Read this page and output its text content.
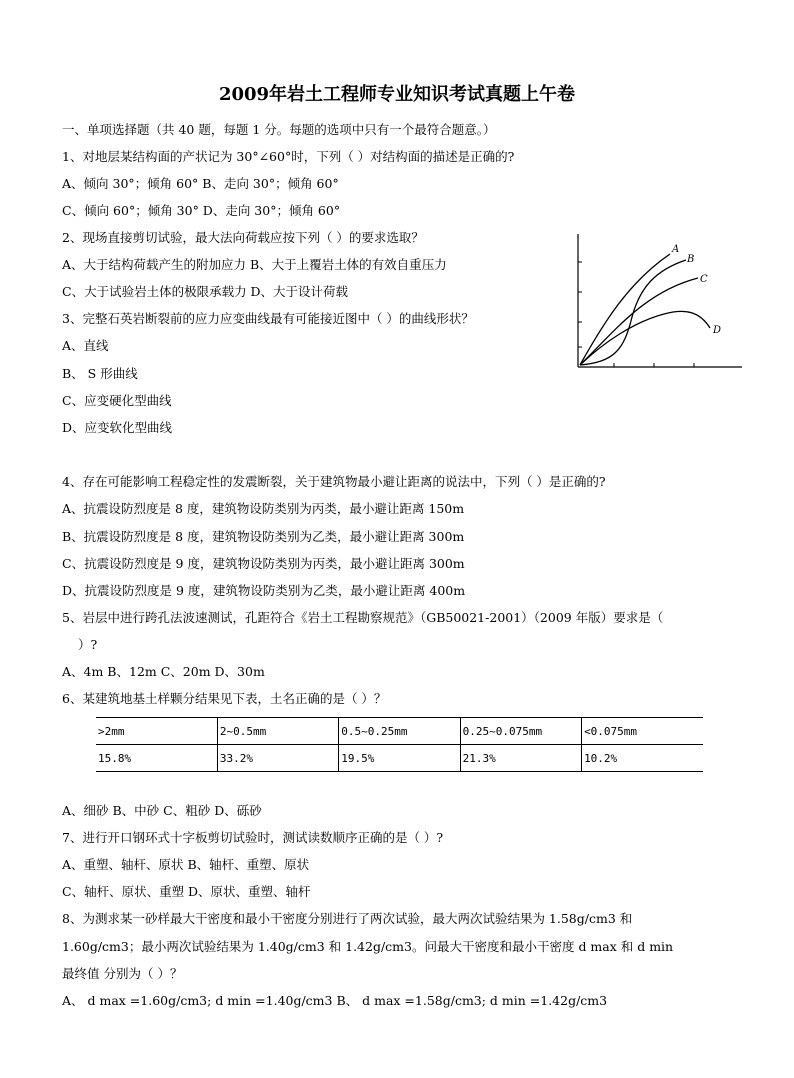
2009年岩土工程师专业知识考试真题上午卷
一、单项选择题（共 40 题，每题 1 分。每题的选项中只有一个最符合题意。）
1、对地层某结构面的产状记为 30°∠60°时，下列（ ）对结构面的描述是正确的?
A、倾向 30°；倾角 60° B、走向 30°；倾角 60°
C、倾向 60°；倾角 30° D、走向 30°；倾角 60°
2、现场直接剪切试验，最大法向荷载应按下列（ ）的要求选取？
A、大于结构荷载产生的附加应力 B、大于上覆岩土体的有效自重压力
C、大于试验岩土体的极限承载力 D、大于设计荷载
3、完整石英岩断裂前的应力应变曲线最有可能接近图中（ ）的曲线形状？
A、直线
B、 S 形曲线
C、应变硬化型曲线
D、应变软化型曲线
A
B
C
D
4、存在可能影响工程稳定性的发震断裂，关于建筑物最小避让距离的说法中，下列（ ）是正确的?
A、抗震设防烈度是 8 度，建筑物设防类别为丙类，最小避让距离 150m
B、抗震设防烈度是 8 度，建筑物设防类别为乙类，最小避让距离 300m
C、抗震设防烈度是 9 度，建筑物设防类别为丙类，最小避让距离 300m
D、抗震设防烈度是 9 度，建筑物设防类别为乙类，最小避让距离 400m
5、岩层中进行跨孔法波速测试，孔距符合《岩土工程勘察规范》（GB50021-2001）（2009 年版）要求是（
）?
A、4m B、12m C、20m D、30m
6、某建筑地基土样颗分结果见下表，土名正确的是（ ）？
>2mm	2~0.5mm	0.5~0.25mm	0.25~0.075mm	<0.075mm
15.8%	33.2%	19.5%	21.3%	10.2%
A、细砂 B、中砂 C、粗砂 D、砾砂
7、进行开口钢环式十字板剪切试验时，测试读数顺序正确的是（ ）?
A、重塑、轴杆、原状 B、轴杆、重塑、原状
C、轴杆、原状、重塑 D、原状、重塑、轴杆
8、为测求某一砂样最大干密度和最小干密度分别进行了两次试验，最大两次试验结果为 1.58g/cm3 和
1.60g/cm3；最小两次试验结果为 1.40g/cm3 和 1.42g/cm3。问最大干密度和最小干密度 d max 和 d min
最终值 分别为（ ）？
A、 d max =1.60g/cm3; d min =1.40g/cm3 B、 d max =1.58g/cm3; d min =1.42g/cm3
